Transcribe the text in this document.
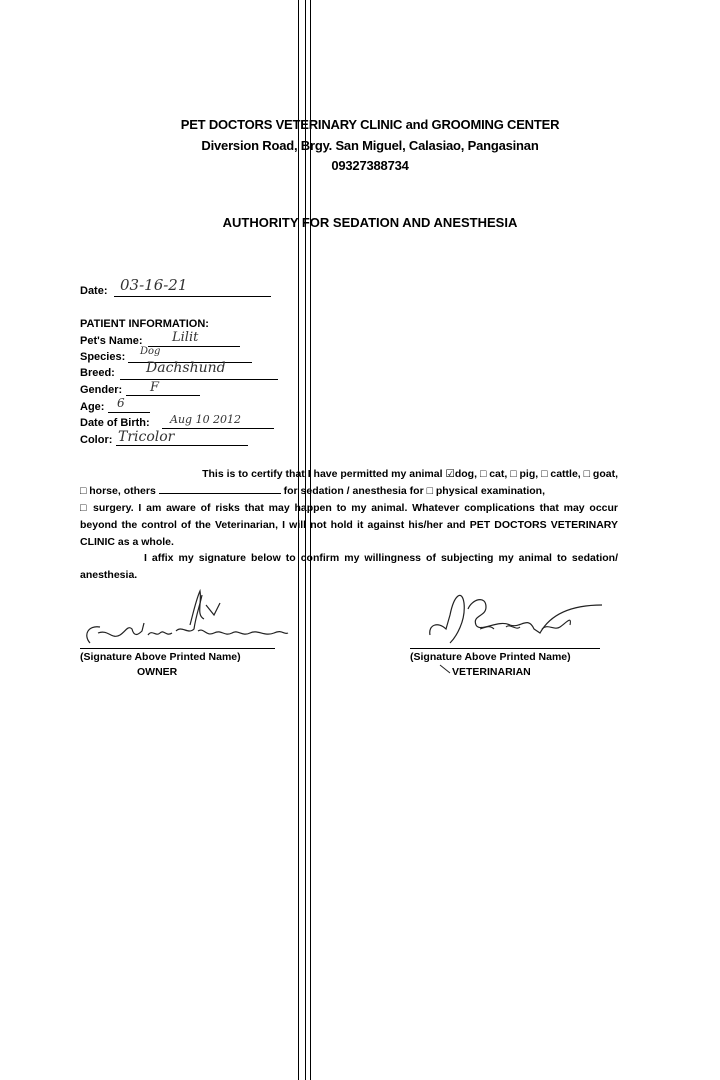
PET DOCTORS VETERINARY CLINIC and GROOMING CENTER
Diversion Road, Brgy. San Miguel, Calasiao, Pangasinan
09327388734
AUTHORITY FOR SEDATION AND ANESTHESIA
Date: 03-16-21
PATIENT INFORMATION:
Pet's Name: Lilit
Species: Dog
Breed: Dachshund
Gender: F
Age: 6
Date of Birth: Aug 10 2012
Color: Tricolor
This is to certify that I have permitted my animal ☑dog, □ cat, □ pig, □ cattle, □ goat,
□ horse, others	for sedation / anesthesia for □ physical examination,
□ surgery. I am aware of risks that may happen to my animal. Whatever complications that may occur beyond the control of the Veterinarian, I will not hold it against his/her and PET DOCTORS VETERINARY CLINIC as a whole.
I affix my signature below to confirm my willingness of subjecting my animal to sedation/ anesthesia.
(Signature Above Printed Name)
OWNER
(Signature Above Printed Name)
VETERINARIAN
